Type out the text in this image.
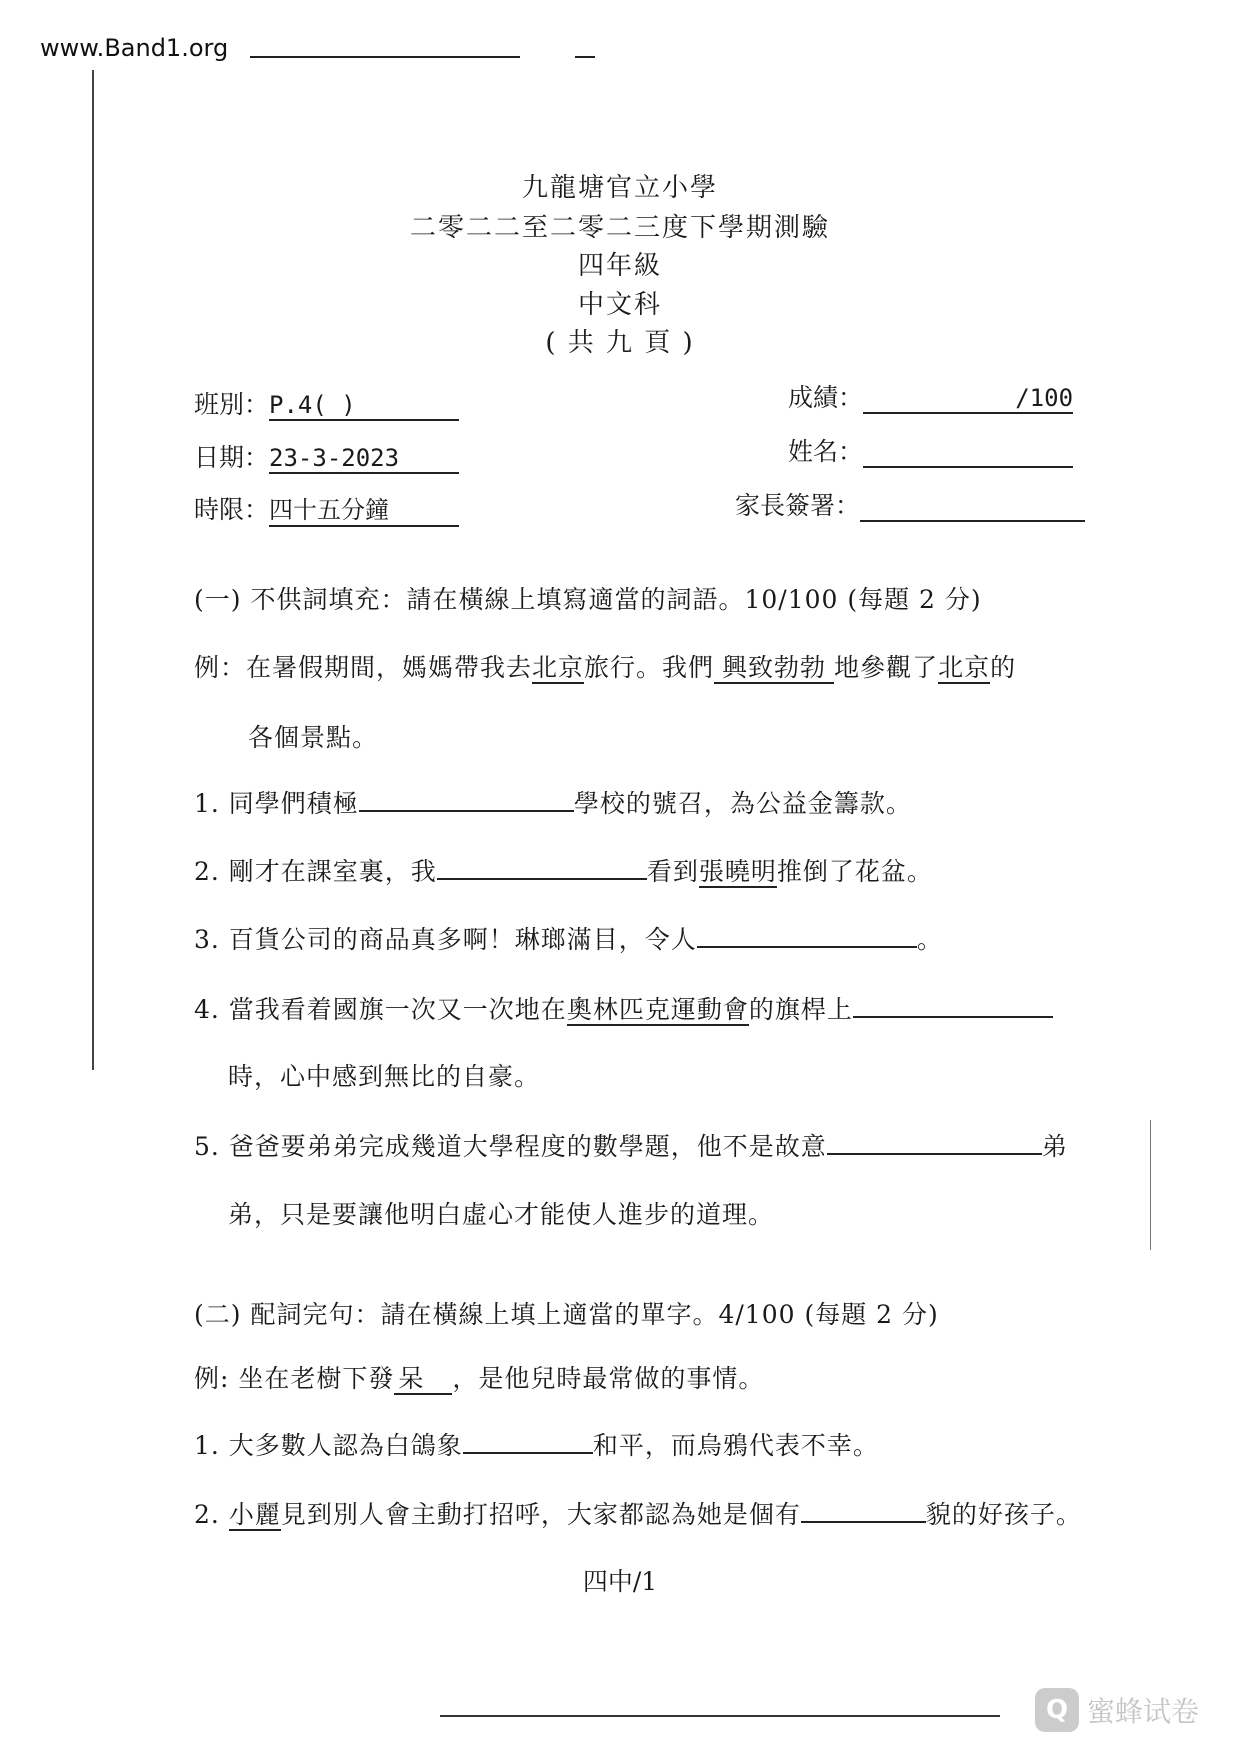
www.Band1.org
九龍塘官立小學
二零二二至二零二三度下學期測驗
四年級
中文科
( 共 九 頁 )
班別：P.4( )
日期：23-3-2023
時限：四十五分鐘
成績：	/100
姓名：
家長簽署：
(一) 不供詞填充：請在橫線上填寫適當的詞語。10/100 (每題 2 分)
例：在暑假期間，媽媽帶我去北京旅行。我們 興致勃勃 地參觀了北京的
各個景點。
1. 同學們積極	學校的號召，為公益金籌款。
2. 剛才在課室裏，我	看到張曉明推倒了花盆。
3. 百貨公司的商品真多啊！琳瑯滿目，令人	。
4. 當我看着國旗一次又一次地在奧林匹克運動會的旗桿上
時，心中感到無比的自豪。
5. 爸爸要弟弟完成幾道大學程度的數學題，他不是故意	弟
弟，只是要讓他明白虛心才能使人進步的道理。
(二) 配詞完句：請在橫線上填上適當的單字。4/100 (每題 2 分)
例: 坐在老樹下發 呆 ，是他兒時最常做的事情。
1. 大多數人認為白鴿象	和平，而烏鴉代表不幸。
2. 小麗見到別人會主動打招呼，大家都認為她是個有	貌的好孩子。
四中/1
Q 蜜蜂试卷
